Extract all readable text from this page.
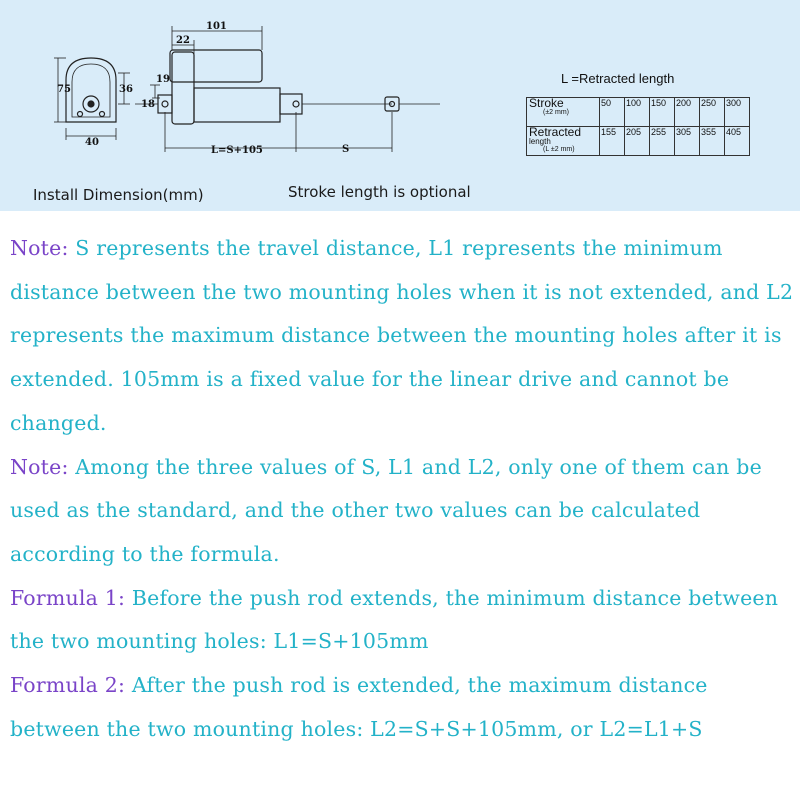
101
22
75	36
19
18
40
L=S+105	S
L =Retracted length
Stroke
(±2 mm)	50	100	150	200	250	300
Retracted
length
(L ±2 mm)	155	205	255	305	355	405
Install Dimension(mm)	Stroke length is optional

Note: S represents the travel distance, L1 represents the minimum distance between the two mounting holes when it is not extended, and L2 represents the maximum distance between the mounting holes after it is extended. 105mm is a fixed value for the linear drive and cannot be changed.

Note: Among the three values of S, L1 and L2, only one of them can be used as the standard, and the other two values can be calculated according to the formula.

Formula 1: Before the push rod extends, the minimum distance between the two mounting holes: L1=S+105mm

Formula 2: After the push rod is extended, the maximum distance between the two mounting holes: L2=S+S+105mm, or L2=L1+S
